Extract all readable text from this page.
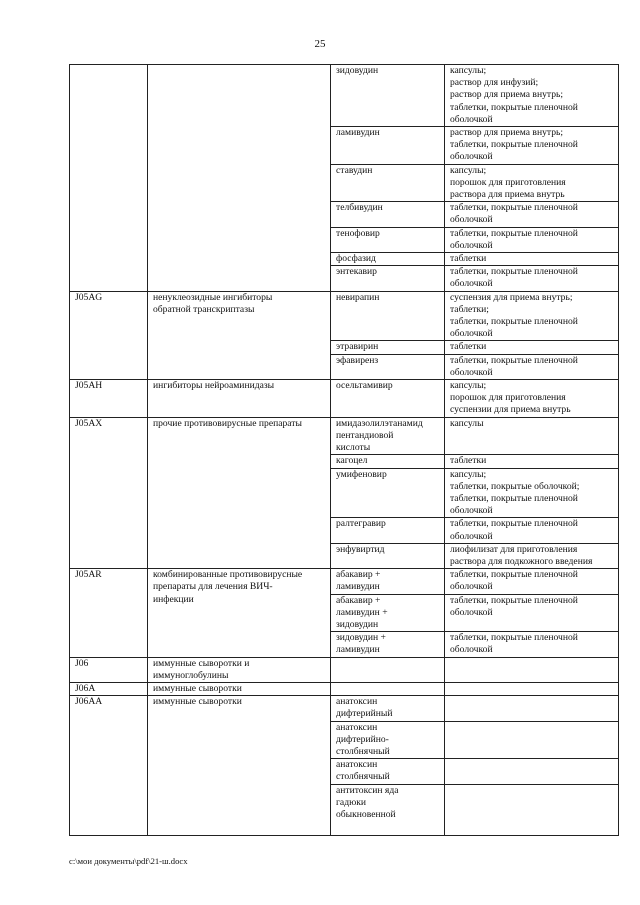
25
		зидовудин	капсулы;
раствор для инфузий;
раствор для приема внутрь;
таблетки, покрытые пленочной
оболочкой
		ламивудин	раствор для приема внутрь;
таблетки, покрытые пленочной
оболочкой
		ставудин	капсулы;
порошок для приготовления
раствора для приема внутрь
		телбивудин	таблетки, покрытые пленочной
оболочкой
		тенофовир	таблетки, покрытые пленочной
оболочкой
		фосфазид	таблетки
		энтекавир	таблетки, покрытые пленочной
оболочкой
J05AG	ненуклеозидные ингибиторы
обратной транскриптазы	невирапин	суспензия для приема внутрь;
таблетки;
таблетки, покрытые пленочной
оболочкой
		этравирин	таблетки
		эфавиренз	таблетки, покрытые пленочной
оболочкой
J05AH	ингибиторы нейроаминидазы	осельтамивир	капсулы;
порошок для приготовления
суспензии для приема внутрь
J05AX	прочие противовирусные препараты	имидазолилэтанамид
пентандиовой
кислоты	капсулы
		кагоцел	таблетки
		умифеновир	капсулы;
таблетки, покрытые оболочкой;
таблетки, покрытые пленочной
оболочкой
		ралтегравир	таблетки, покрытые пленочной
оболочкой
		энфувиртид	лиофилизат для приготовления
раствора для подкожного введения
J05AR	комбинированные противовирусные
препараты для лечения ВИЧ-
инфекции	абакавир +
ламивудин	таблетки, покрытые пленочной
оболочкой
		абакавир +
ламивудин +
зидовудин	таблетки, покрытые пленочной
оболочкой
		зидовудин +
ламивудин	таблетки, покрытые пленочной
оболочкой
J06	иммунные сыворотки и
иммуноглобулины		
J06A	иммунные сыворотки		
J06AA	иммунные сыворотки	анатоксин
дифтерийный	
		анатоксин
дифтерийно-
столбнячный	
		анатоксин
столбнячный	
		антитоксин яда
гадюки
обыкновенной	
c:\мои документы\pdf\21-ш.docx
